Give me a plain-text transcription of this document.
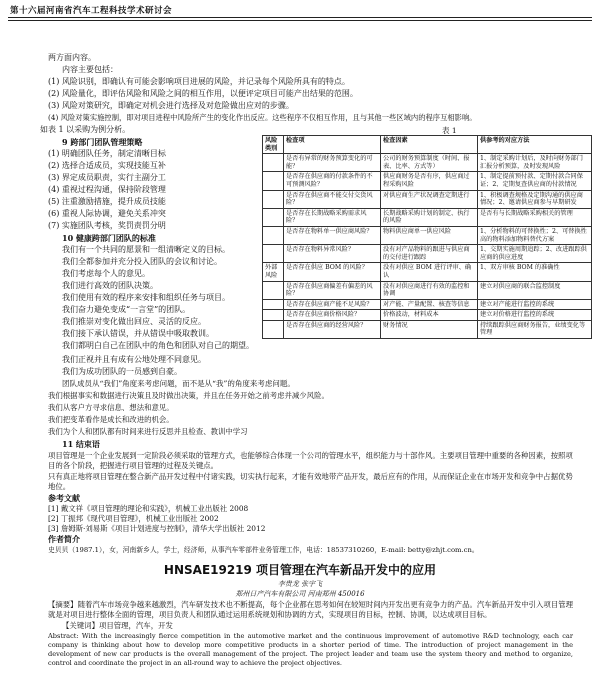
第十六届河南省汽车工程科技学术研讨会
两方面内容。
内容主要包括：
(1) 风险识别，即确认有可能会影响项目进展的风险，并记录每个风险所具有的特点。
(2) 风险量化，即评估风险和风险之间的相互作用，以便评定项目可能产出结果的范围。
(3) 风险对策研究，即确定对机会进行选择及对危险做出应对的步骤。
(4) 风险对策实施控制，即对项目进程中风险所产生的变化作出反应。这些程序不仅相互作用，且与其他一些区域内的程序互相影响。
如表 1 以采购为例分析。
9 跨部门团队管理策略
(1) 明确团队任务，制定清晰目标
(2) 选择合适成员，实现技能互补
(3) 界定成员职责，实行主副分工
(4) 重视过程沟通，保持阶段管理
(5) 注重激励措施，提升成员技能
(6) 重视人际协调，避免关系冲突
(7) 实施团队考核，奖罚责罚分明
10 健康跨部门团队的标准
我们有一个共同的愿景和一组清晰定义的目标。
我们全都参加并充分投入团队的会议和讨论。
我们考虑每个人的意见。
我们进行高效的团队决策。
我们使用有效的程序来安排和组织任务与项目。
我们奋力避免变成“一言堂”的团队。
我们推崇对变化做出回应、灵活的反应。
我们接下承认错误，并从错误中吸取教训。
我们都明白自己在团队中的角色和团队对自己的期望。
我们正视并且有成有公地处理不同意见。
我们为成功团队的一员感到自豪。
团队成员从“我们”角度来考虑问题，而不是从“我”的角度来考虑问题。
表 1
风险类别	检查项	检查因素	供参考的对应方法
	是否有异常的财务预算变化的可能？	公司的财务预算制度（时间、报表、比率、方式等）	1、制定采购计划后，及时向财务部门汇报分析预算，及时发现风险
	是否存在供应商的付款条件的不可预测风险？	供应商财务是否有序，供应商过程采购风险	1、制定提前预付款、定期付款合同保证；2、定期复查供应商的付款情况
	是否存在供应商不能交付交货风险？	对供应商生产状况调查定期进行	1、积极调查规格及定期沟通的供应商情况；2、邀请供应商参与早期研发
	是否存在长期战略采购需求风险？	长期战略采购计划的制定、执行的风险	是否有与长期战略采购相关的管理
	是否存在物料单一供应商风险？	物料供应商单一供应风险	1、分析物料的可替换性；2、可替换性高的物料添加物料替代方案
	是否存在物料异常风险？	没有对产品物料的跟进与供应商的交付进行跟踪	1、交期实施周期追踪；2、改进跟踪供应商的供应进度
外部风险	是否存在供应 BOM 的风险？	没有对供应 BOM 进行评审、确认	1、双方审核 BOM 的准确性
	是否存在供应商偏差有偏差的风险？	没有对供应商进行有效的监控和协调	建立对供应商的联合监控制度
	是否存在供应商产能不足风险？	对产能、产量配置、核查等信息	建立对产能进行监控的系统
	是否存在供应商价格风险？	价格波动，材料成本	建立对价格进行监控的系统
	是否存在供应商的经营风险？	财务情况	持续跟踪供应商财务报告，业绩变化等管理
我们从客户方寻求信息、想法和意见。
我们把变革看作是成长和改进的机会。
我们为个人和团队都有时间来进行反思并且检查、教训中学习
11 结束语
项目管理是一个企业发展到一定阶段必须采取的管理方式，也能够综合体现一个公司的管理水平，组织能力与十部作风。主要项目管理中重要的各种因素，按照项目的各个阶段，把握进行项目管理的过程及关键点。
只有真正地将项目管理在整合新产品开发过程中付诸实践，切实执行起来，才能有效地带产品开发，最后应有的作用，从而保证企业在市场开发和竞争中占据优势地位。
参考文献
[1] 戴文祥《项目管理的理论和实践》，机械工业出版社 2008
[2] 丁振邦《现代项目管理》，机械工业出版社 2002
[3] 詹姆斯·刘易斯《项目计划进度与控制》，清华大学出版社 2012
作者简介
史贝贝（1987.1），女，河南新乡人，学士，经济师，从事汽车零部件业务管理工作，电话：18537310260，E-mail: betty@zhjt.com.cn。
HNSAE19219 项目管理在汽车新品开发中的应用
李贵龙 张宇飞
郑州日产汽车有限公司 河南郑州 450016
【摘要】随着汽车市场竞争越来越激烈，汽车研发技术也不断提高，每个企业都在思考如何在较短时间内开发出更有竞争力的产品。汽车新品开发中引入项目管理就是对项目进行整体全面的管理，项目负责人和团队通过运用系统规划和协调的方式，实现项目的目标，控制、协调，以达成项目目标。
【关键词】项目管理，汽车，开发
Abstract: With the increasingly fierce competition in the automotive market and the continuous improvement of automotive R&D technology, each car company is thinking about how to develop more competitive products in a shorter period of time. The introduction of project management in the development of new car products is the overall management of the project. The project leader and team use the system theory and method to organize, control and coordinate the project in an all-round way to achieve the project objectives.
我们根据事实和数据进行决策且及时做出决策，并且在任务开始之前考虑并减少风险。
